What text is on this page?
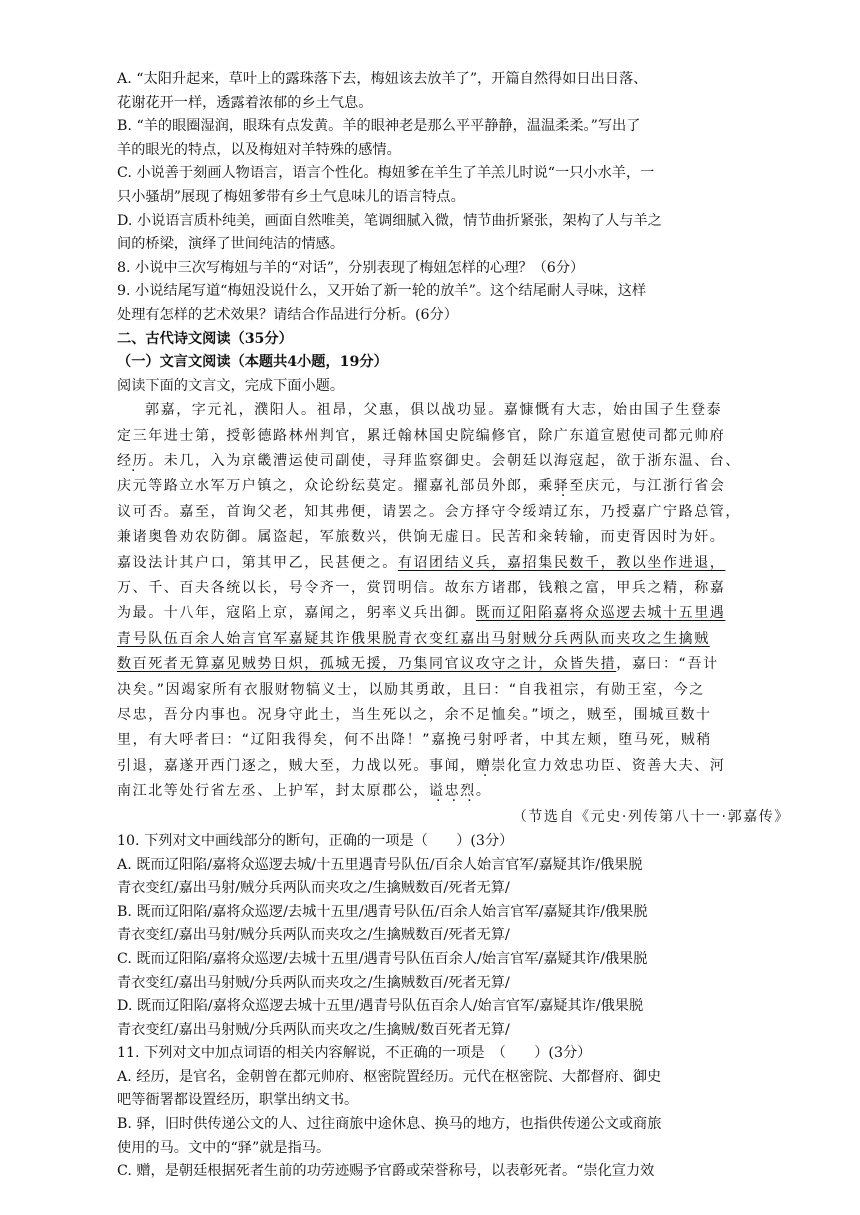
A. “太阳升起来，草叶上的露珠落下去，梅妞该去放羊了”，开篇自然得如日出日落、
花谢花开一样，透露着浓郁的乡土气息。
B. “羊的眼圈湿润，眼珠有点发黄。羊的眼神老是那么平平静静，温温柔柔。”写出了
羊的眼光的特点，以及梅妞对羊特殊的感情。
C. 小说善于刻画人物语言，语言个性化。梅妞爹在羊生了羊羔儿时说“一只小水羊，一
只小骚胡”展现了梅妞爹带有乡土气息味儿的语言特点。
D. 小说语言质朴纯美，画面自然唯美，笔调细腻入微，情节曲折紧张，架构了人与羊之
间的桥梁，演绎了世间纯洁的情感。
8. 小说中三次写梅妞与羊的“对话”，分别表现了梅妞怎样的心理？（6分）
9. 小说结尾写道“梅妞没说什么，又开始了新一轮的放羊”。这个结尾耐人寻味，这样
处理有怎样的艺术效果？请结合作品进行分析。(6分）
二、古代诗文阅读（35分）
（一）文言文阅读（本题共4小题，19分）
阅读下面的文言文，完成下面小题。
郭嘉，字元礼，濮阳人。祖昂，父惠，俱以战功显。嘉慷慨有大志，始由国子生登泰
定三年进士第，授彰德路林州判官，累迁翰林国史院编修官，除广东道宣慰使司都元帅府
经历。未几，入为京畿漕运使司副使，寻拜监察御史。会朝廷以海寇起，欲于浙东温、台、
庆元等路立水军万户镇之，众论纷纭莫定。擢嘉礼部员外郎，乘驿至庆元，与江浙行省会
议可否。嘉至，首询父老，知其弗便，请罢之。会方择守令绥靖辽东，乃授嘉广宁路总管，
兼诸奥鲁劝农防御。属盗起，军旅数兴，供饷无虚日。民苦和籴转输，而吏胥因时为奸。
嘉设法计其户口，第其甲乙，民甚便之。有诏团结义兵，嘉招集民数千，教以坐作进退，
万、千、百夫各统以长，号令齐一，赏罚明信。故东方诸郡，钱粮之富，甲兵之精，称嘉
为最。十八年，寇陷上京，嘉闻之，躬率义兵出御。既而辽阳陷嘉将众巡逻去城十五里遇
青号队伍百余人始言官军嘉疑其诈俄果脱青衣变红嘉出马射贼分兵两队而夹攻之生擒贼
数百死者无算嘉见贼势日炽，孤城无援，乃集同官议攻守之计，众皆失措，嘉曰：“吾计
决矣。”因竭家所有衣服财物犒义士，以励其勇敢，且曰：“自我祖宗，有勋王室，今之
尽忠，吾分内事也。况身守此土，当生死以之，余不足恤矣。”顷之，贼至，围城亘数十
里，有大呼者曰：“辽阳我得矣，何不出降！”嘉挽弓射呼者，中其左颊，堕马死，贼稍
引退，嘉遂开西门逐之，贼大至，力战以死。事闻，赠崇化宣力效忠功臣、资善大夫、河
南江北等处行省左丞、上护军，封太原郡公，谥忠烈。
（节选自《元史·列传第八十一·郭嘉传》
10. 下列对文中画线部分的断句，正确的一项是（　　）(3分）
A. 既而辽阳陷/嘉将众巡逻去城/十五里遇青号队伍/百余人始言官军/嘉疑其诈/俄果脱
青衣变红/嘉出马射/贼分兵两队而夹攻之/生擒贼数百/死者无算/
B. 既而辽阳陷/嘉将众巡逻/去城十五里/遇青号队伍/百余人始言官军/嘉疑其诈/俄果脱
青衣变红/嘉出马射/贼分兵两队而夹攻之/生擒贼数百/死者无算/
C. 既而辽阳陷/嘉将众巡逻/去城十五里/遇青号队伍百余人/始言官军/嘉疑其诈/俄果脱
青衣变红/嘉出马射贼/分兵两队而夹攻之/生擒贼数百/死者无算/
D. 既而辽阳陷/嘉将众巡逻去城十五里/遇青号队伍百余人/始言官军/嘉疑其诈/俄果脱
青衣变红/嘉出马射贼/分兵两队而夹攻之/生擒贼/数百死者无算/
11. 下列对文中加点词语的相关内容解说，不正确的一项是　（　　）(3分）
A. 经历，是官名，金朝曾在都元帅府、枢密院置经历。元代在枢密院、大都督府、御史
吧等衙署都设置经历，职掌出纳文书。
B. 驿，旧时供传递公文的人、过往商旅中途休息、换马的地方，也指供传递公文或商旅
使用的马。文中的“驿”就是指马。
C. 赠，是朝廷根据死者生前的功劳迹赐予官爵或荣誉称号，以表彰死者。“崇化宣力效
